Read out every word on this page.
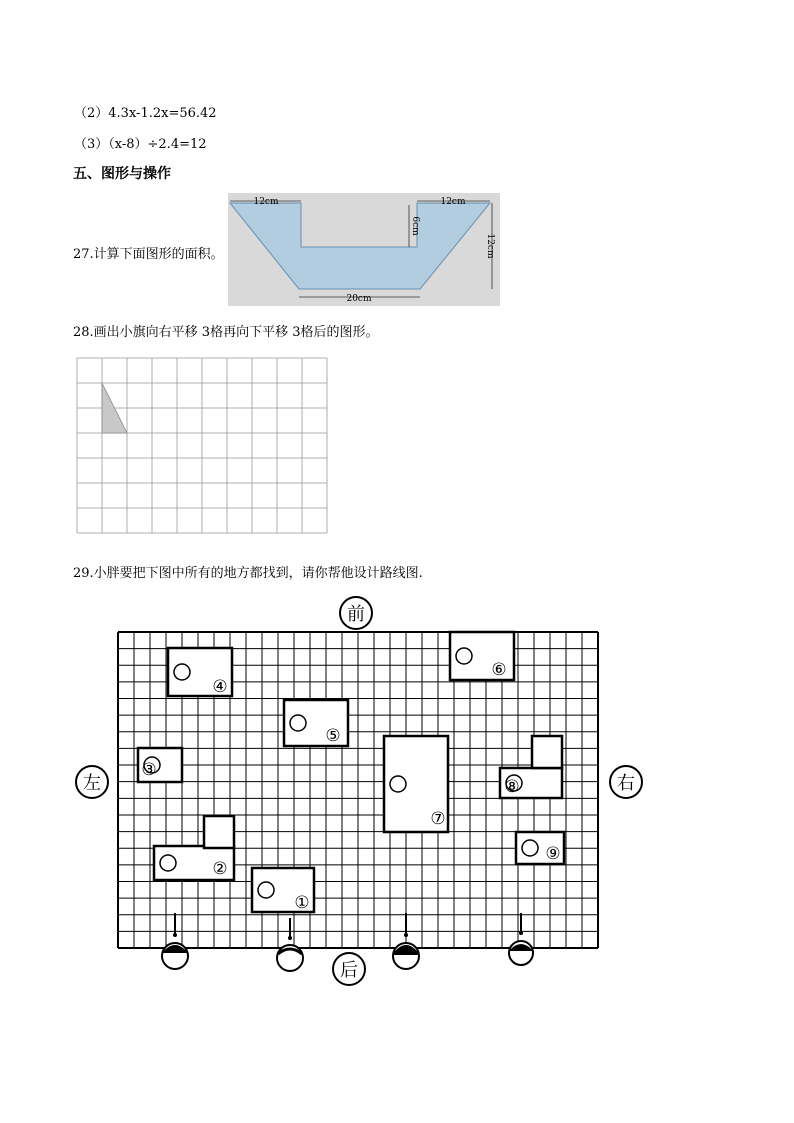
（2）4.3x-1.2x=56.42
（3）（x-8）÷2.4=12
五、图形与操作
27.计算下面图形的面积。
12cm	12cm
6cm
12cm
20cm
28.画出小旗向右平移 3格再向下平移 3格后的图形。
29.小胖要把下图中所有的地方都找到，请你帮他设计路线图.
前
后
左	右
①
②
③
④
⑤
⑥
⑦
⑧
⑨
